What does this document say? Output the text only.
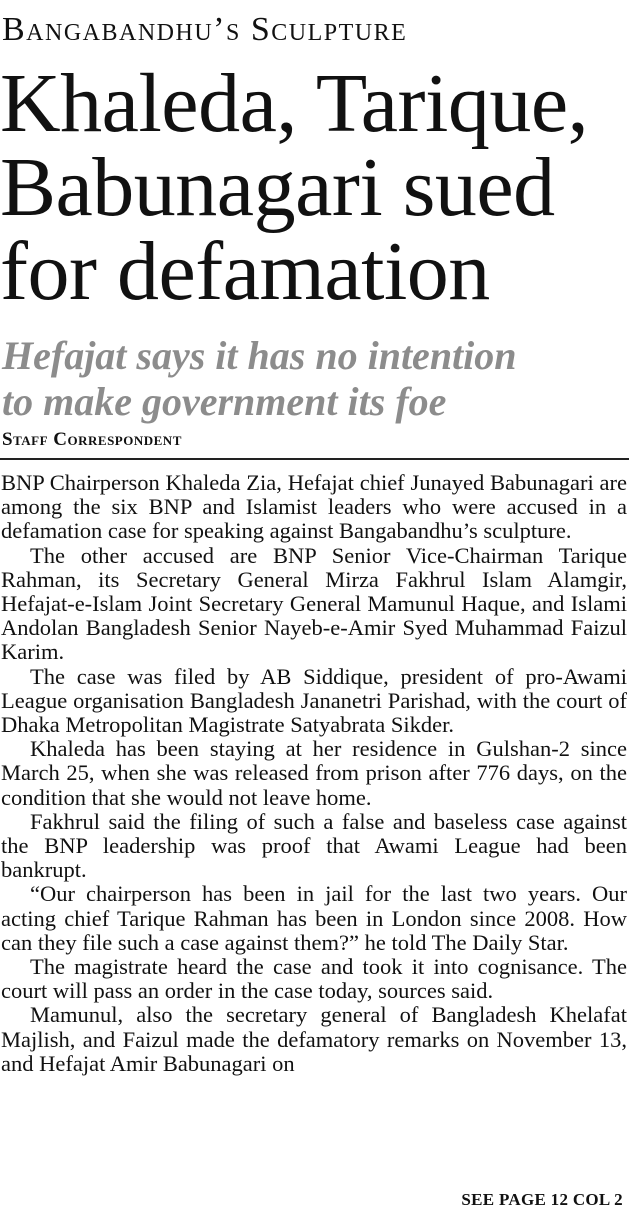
Bangabandhu’s Sculpture
Khaleda, Tarique,
Babunagari sued
for defamation
Hefajat says it has no intention
to make government its foe
Staff Correspondent

BNP Chairperson Khaleda Zia, Hefajat chief Junayed Babunagari are among the six BNP and Islamist leaders who were accused in a defamation case for speaking against Bangabandhu’s sculpture.

The other accused are BNP Senior Vice-Chairman Tarique Rahman, its Secretary General Mirza Fakhrul Islam Alamgir, Hefajat-e-Islam Joint Secretary General Mamunul Haque, and Islami Andolan Bangladesh Senior Nayeb-e-Amir Syed Muhammad Faizul Karim.

The case was filed by AB Siddique, president of pro-Awami League organisation Bangladesh Jananetri Parishad, with the court of Dhaka Metropolitan Magistrate Satyabrata Sikder.

Khaleda has been staying at her residence in Gulshan-2 since March 25, when she was released from prison after 776 days, on the condition that she would not leave home.

Fakhrul said the filing of such a false and baseless case against the BNP leadership was proof that Awami League had been bankrupt.

“Our chairperson has been in jail for the last two years. Our acting chief Tarique Rahman has been in London since 2008. How can they file such a case against them?” he told The Daily Star.

The magistrate heard the case and took it into cognisance. The court will pass an order in the case today, sources said.

Mamunul, also the secretary general of Bangladesh Khelafat Majlish, and Faizul made the defamatory remarks on November 13, and Hefajat Amir Babunagari on

SEE PAGE 12 COL 2
